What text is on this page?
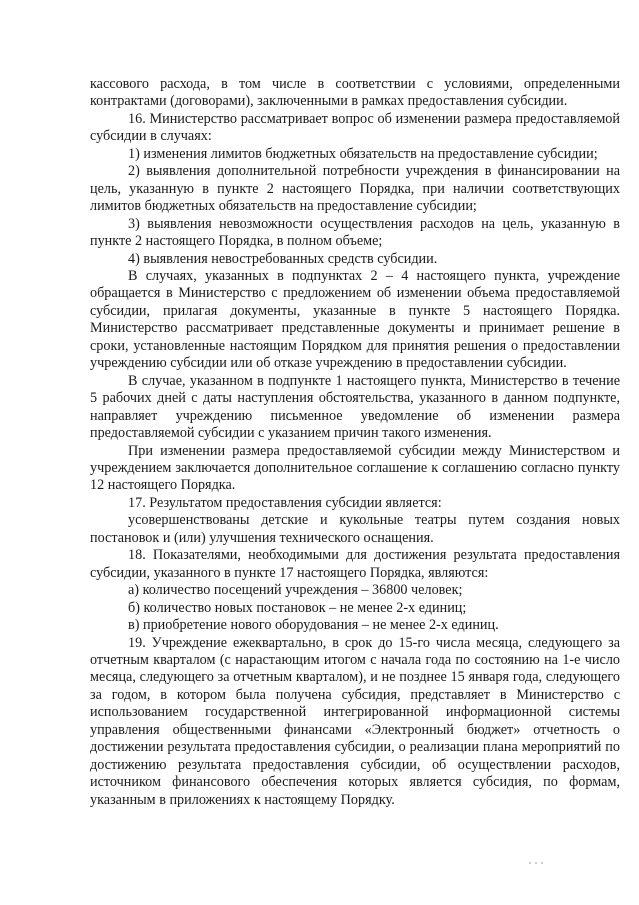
кассового расхода, в том числе в соответствии с условиями, определенными контрактами (договорами), заключенными в рамках предоставления субсидии.

16. Министерство рассматривает вопрос об изменении размера предоставляемой субсидии в случаях:

1) изменения лимитов бюджетных обязательств на предоставление субсидии;

2) выявления дополнительной потребности учреждения в финансировании на цель, указанную в пункте 2 настоящего Порядка, при наличии соответствующих лимитов бюджетных обязательств на предоставление субсидии;

3) выявления невозможности осуществления расходов на цель, указанную в пункте 2 настоящего Порядка, в полном объеме;

4) выявления невостребованных средств субсидии.

В случаях, указанных в подпунктах 2 – 4 настоящего пункта, учреждение обращается в Министерство с предложением об изменении объема предоставляемой субсидии, прилагая документы, указанные в пункте 5 настоящего Порядка. Министерство рассматривает представленные документы и принимает решение в сроки, установленные настоящим Порядком для принятия решения о предоставлении учреждению субсидии или об отказе учреждению в предоставлении субсидии.

В случае, указанном в подпункте 1 настоящего пункта, Министерство в течение 5 рабочих дней с даты наступления обстоятельства, указанного в данном подпункте, направляет учреждению письменное уведомление об изменении размера предоставляемой субсидии с указанием причин такого изменения.

При изменении размера предоставляемой субсидии между Министерством и учреждением заключается дополнительное соглашение к соглашению согласно пункту 12 настоящего Порядка.

17. Результатом предоставления субсидии является:

усовершенствованы детские и кукольные театры путем создания новых постановок и (или) улучшения технического оснащения.

18. Показателями, необходимыми для достижения результата предоставления субсидии, указанного в пункте 17 настоящего Порядка, являются:

а) количество посещений учреждения – 36800 человек;

б) количество новых постановок – не менее 2-х единиц;

в) приобретение нового оборудования – не менее 2-х единиц.

19. Учреждение ежеквартально, в срок до 15-го числа месяца, следующего за отчетным кварталом (с нарастающим итогом с начала года по состоянию на 1-е число месяца, следующего за отчетным кварталом), и не позднее 15 января года, следующего за годом, в котором была получена субсидия, представляет в Министерство с использованием государственной интегрированной информационной системы управления общественными финансами «Электронный бюджет» отчетность о достижении результата предоставления субсидии, о реализации плана мероприятий по достижению результата предоставления субсидии, об осуществлении расходов, источником финансового обеспечения которых является субсидия, по формам, указанным в приложениях к настоящему Порядку.
